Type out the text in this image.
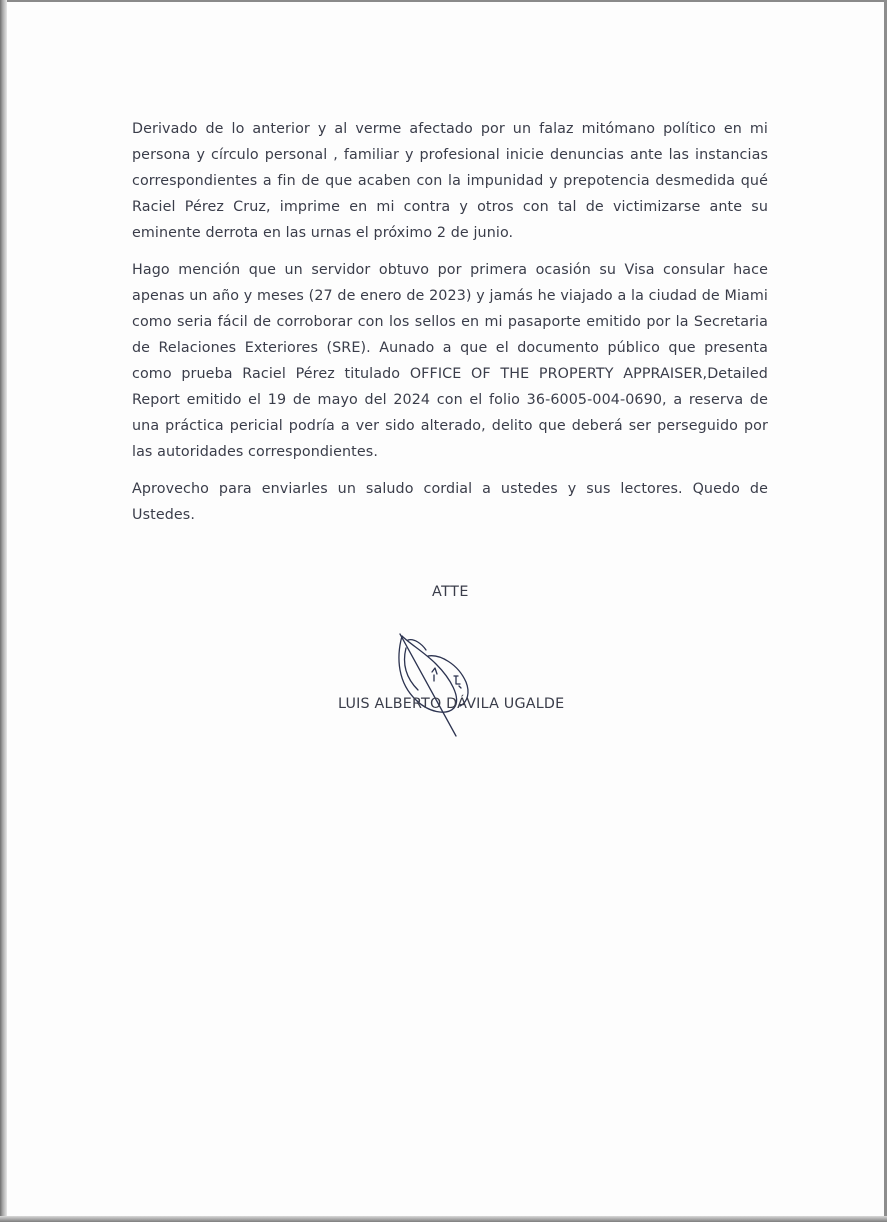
Derivado de lo anterior y al verme afectado por un falaz mitómano político en mi persona y círculo personal , familiar y profesional inicie denuncias ante las instancias correspondientes a fin de que acaben con la impunidad y prepotencia desmedida qué Raciel Pérez Cruz, imprime en mi contra y otros con tal de victimizarse ante su eminente derrota en las urnas el próximo 2 de junio.

Hago mención que un servidor obtuvo por primera ocasión su Visa consular hace apenas un año y meses (27 de enero de 2023) y jamás he viajado a la ciudad de Miami como seria fácil de corroborar con los sellos en mi pasaporte emitido por la Secretaria de Relaciones Exteriores (SRE). Aunado a que el documento público que presenta como prueba Raciel Pérez titulado OFFICE OF THE PROPERTY APPRAISER,Detailed Report emitido el 19 de mayo del 2024 con el folio 36-6005-004-0690, a reserva de una práctica pericial podría a ver sido alterado, delito que deberá ser perseguido por las autoridades correspondientes.

Aprovecho para enviarles un saludo cordial a ustedes y sus lectores. Quedo de Ustedes.

ATTE
LUIS ALBERTO DÁVILA UGALDE
